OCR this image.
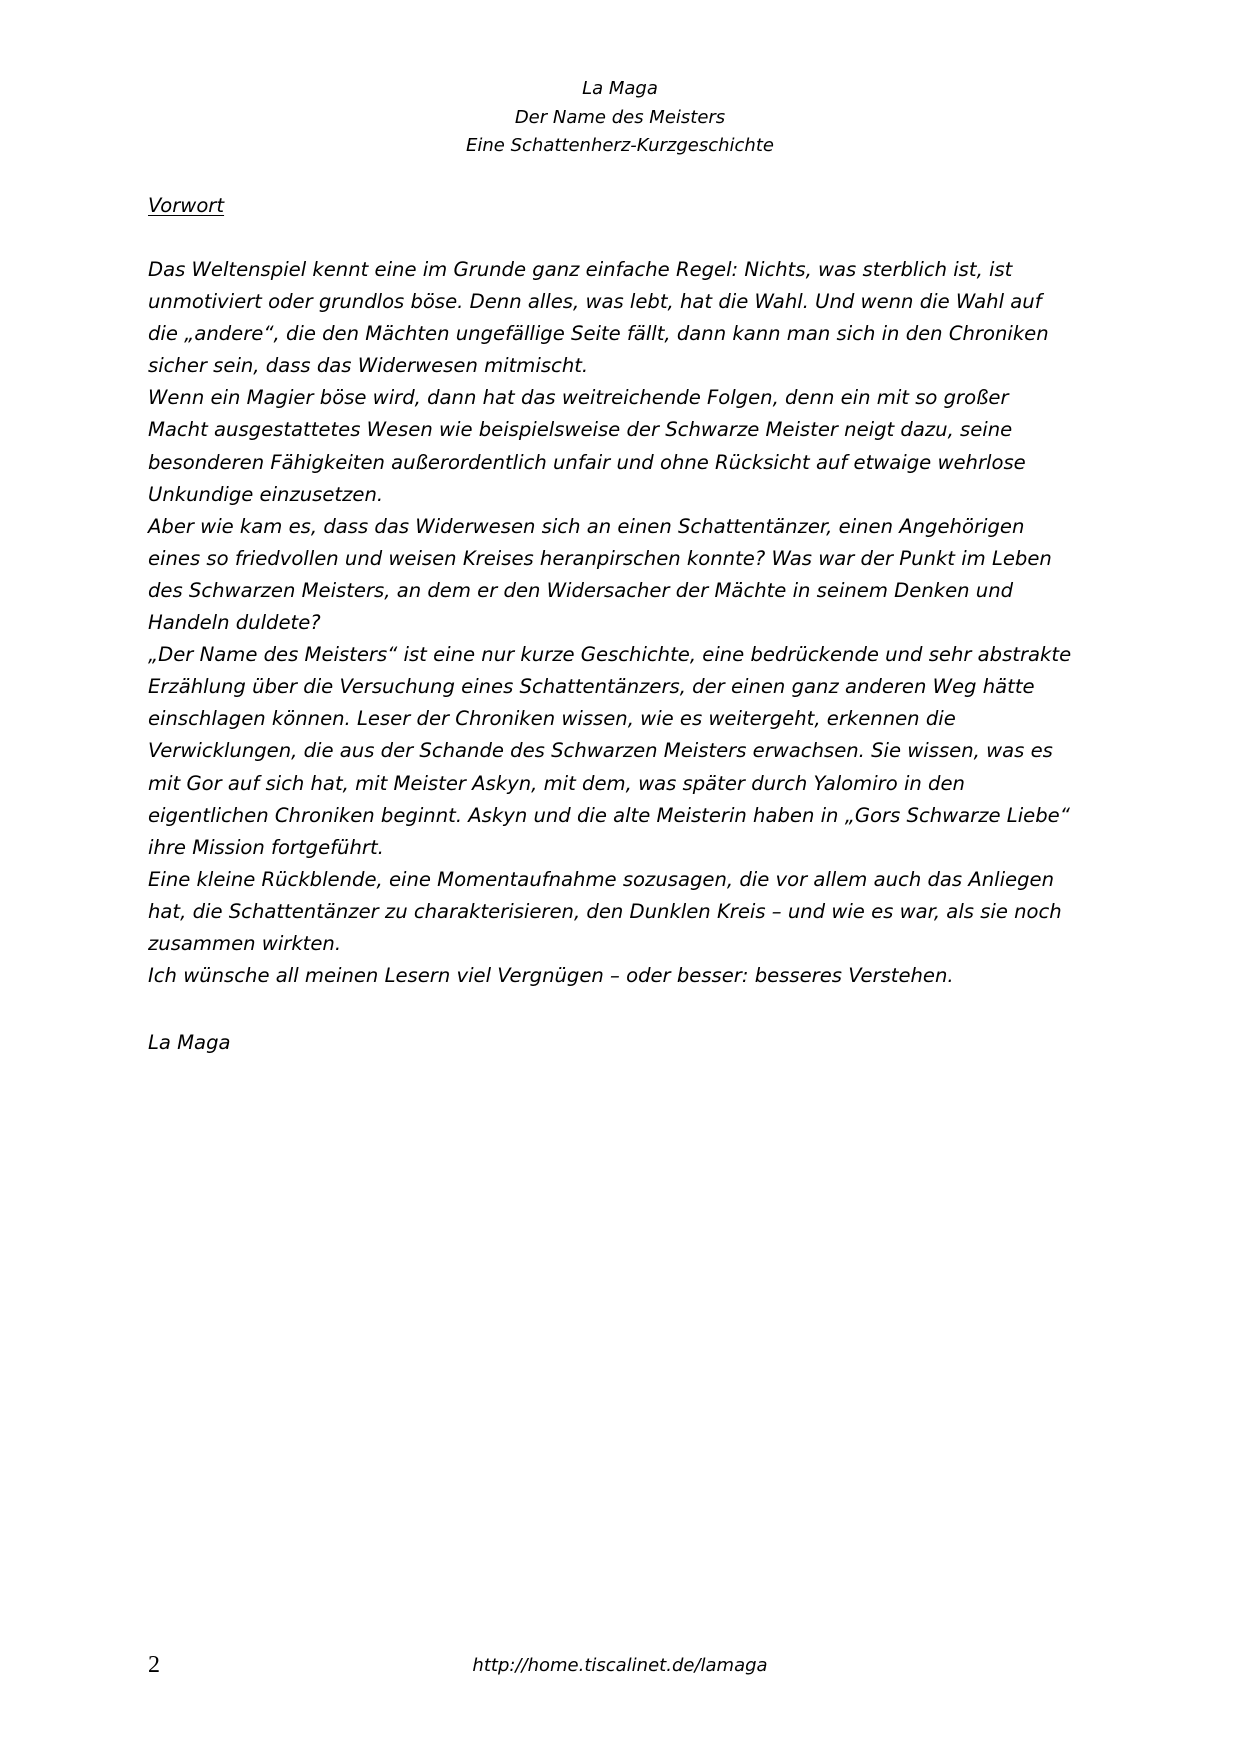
La Maga
Der Name des Meisters
Eine Schattenherz-Kurzgeschichte
Vorwort

Das Weltenspiel kennt eine im Grunde ganz einfache Regel: Nichts, was sterblich ist, ist
unmotiviert oder grundlos böse. Denn alles, was lebt, hat die Wahl. Und wenn die Wahl auf
die „andere“, die den Mächten ungefällige Seite fällt, dann kann man sich in den Chroniken
sicher sein, dass das Widerwesen mitmischt.

Wenn ein Magier böse wird, dann hat das weitreichende Folgen, denn ein mit so großer
Macht ausgestattetes Wesen wie beispielsweise der Schwarze Meister neigt dazu, seine
besonderen Fähigkeiten außerordentlich unfair und ohne Rücksicht auf etwaige wehrlose
Unkundige einzusetzen.

Aber wie kam es, dass das Widerwesen sich an einen Schattentänzer, einen Angehörigen
eines so friedvollen und weisen Kreises heranpirschen konnte? Was war der Punkt im Leben
des Schwarzen Meisters, an dem er den Widersacher der Mächte in seinem Denken und
Handeln duldete?

„Der Name des Meisters“ ist eine nur kurze Geschichte, eine bedrückende und sehr abstrakte
Erzählung über die Versuchung eines Schattentänzers, der einen ganz anderen Weg hätte
einschlagen können. Leser der Chroniken wissen, wie es weitergeht, erkennen die
Verwicklungen, die aus der Schande des Schwarzen Meisters erwachsen. Sie wissen, was es
mit Gor auf sich hat, mit Meister Askyn, mit dem, was später durch Yalomiro in den
eigentlichen Chroniken beginnt. Askyn und die alte Meisterin haben in „Gors Schwarze Liebe“
ihre Mission fortgeführt.

Eine kleine Rückblende, eine Momentaufnahme sozusagen, die vor allem auch das Anliegen
hat, die Schattentänzer zu charakterisieren, den Dunklen Kreis – und wie es war, als sie noch
zusammen wirkten.

Ich wünsche all meinen Lesern viel Vergnügen – oder besser: besseres Verstehen.

La Maga
2	http://home.tiscalinet.de/lamaga
